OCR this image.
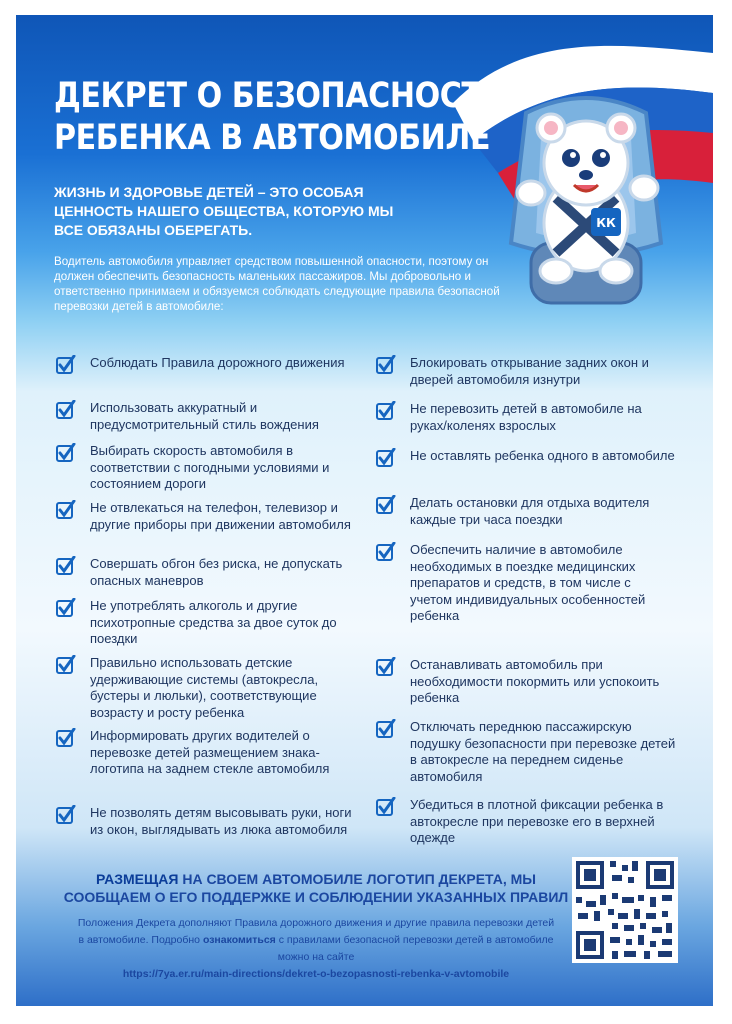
КК
ДЕКРЕТ О БЕЗОПАСНОСТИ
РЕБЕНКА В АВТОМОБИЛЕ
ЖИЗНЬ И ЗДОРОВЬЕ ДЕТЕЙ – ЭТО ОСОБАЯ ЦЕННОСТЬ НАШЕГО ОБЩЕСТВА, КОТОРУЮ МЫ ВСЕ ОБЯЗАНЫ ОБЕРЕГАТЬ.
Водитель автомобиля управляет средством повышенной опасности, поэтому он должен обеспечить безопасность маленьких пассажиров. Мы добровольно и ответственно принимаем и обязуемся соблюдать следующие правила безопасной перевозки детей в автомобиле:
Соблюдать Правила дорожного движения
Использовать аккуратный и предусмотрительный стиль вождения
Выбирать скорость автомобиля в соответствии с погодными условиями и состоянием дороги
Не отвлекаться на телефон, телевизор и другие приборы при движении автомобиля
Совершать обгон без риска, не допускать опасных маневров
Не употреблять алкоголь и другие психотропные средства за двое суток до поездки
Правильно использовать детские удерживающие системы (автокресла, бустеры и люльки), соответствующие возрасту и росту ребенка
Информировать других водителей о перевозке детей размещением знака-логотипа на заднем стекле автомобиля
Не позволять детям высовывать руки, ноги из окон, выглядывать из люка автомобиля
Блокировать открывание задних окон и дверей автомобиля изнутри
Не перевозить детей в автомобиле на руках/коленях взрослых
Не оставлять ребенка одного в автомобиле
Делать остановки для отдыха водителя каждые три часа поездки
Обеспечить наличие в автомобиле необходимых в поездке медицинских препаратов и средств, в том числе с учетом индивидуальных особенностей ребенка
Останавливать автомобиль при необходимости покормить или успокоить ребенка
Отключать переднюю пассажирскую подушку безопасности при перевозке детей в автокресле на переднем сиденье автомобиля
Убедиться в плотной фиксации ребенка в автокресле при перевозке его в верхней одежде
РАЗМЕЩАЯ НА СВОЕМ АВТОМОБИЛЕ ЛОГОТИП ДЕКРЕТА, МЫ СООБЩАЕМ О ЕГО ПОДДЕРЖКЕ И СОБЛЮДЕНИИ УКАЗАННЫХ ПРАВИЛ
Положения Декрета дополняют Правила дорожного движения и другие правила перевозки детей в автомобиле. Подробно ознакомиться с правилами безопасной перевозки детей в автомобиле можно на сайте
https://7ya.er.ru/main-directions/dekret-o-bezopasnosti-rebenka-v-avtomobile
